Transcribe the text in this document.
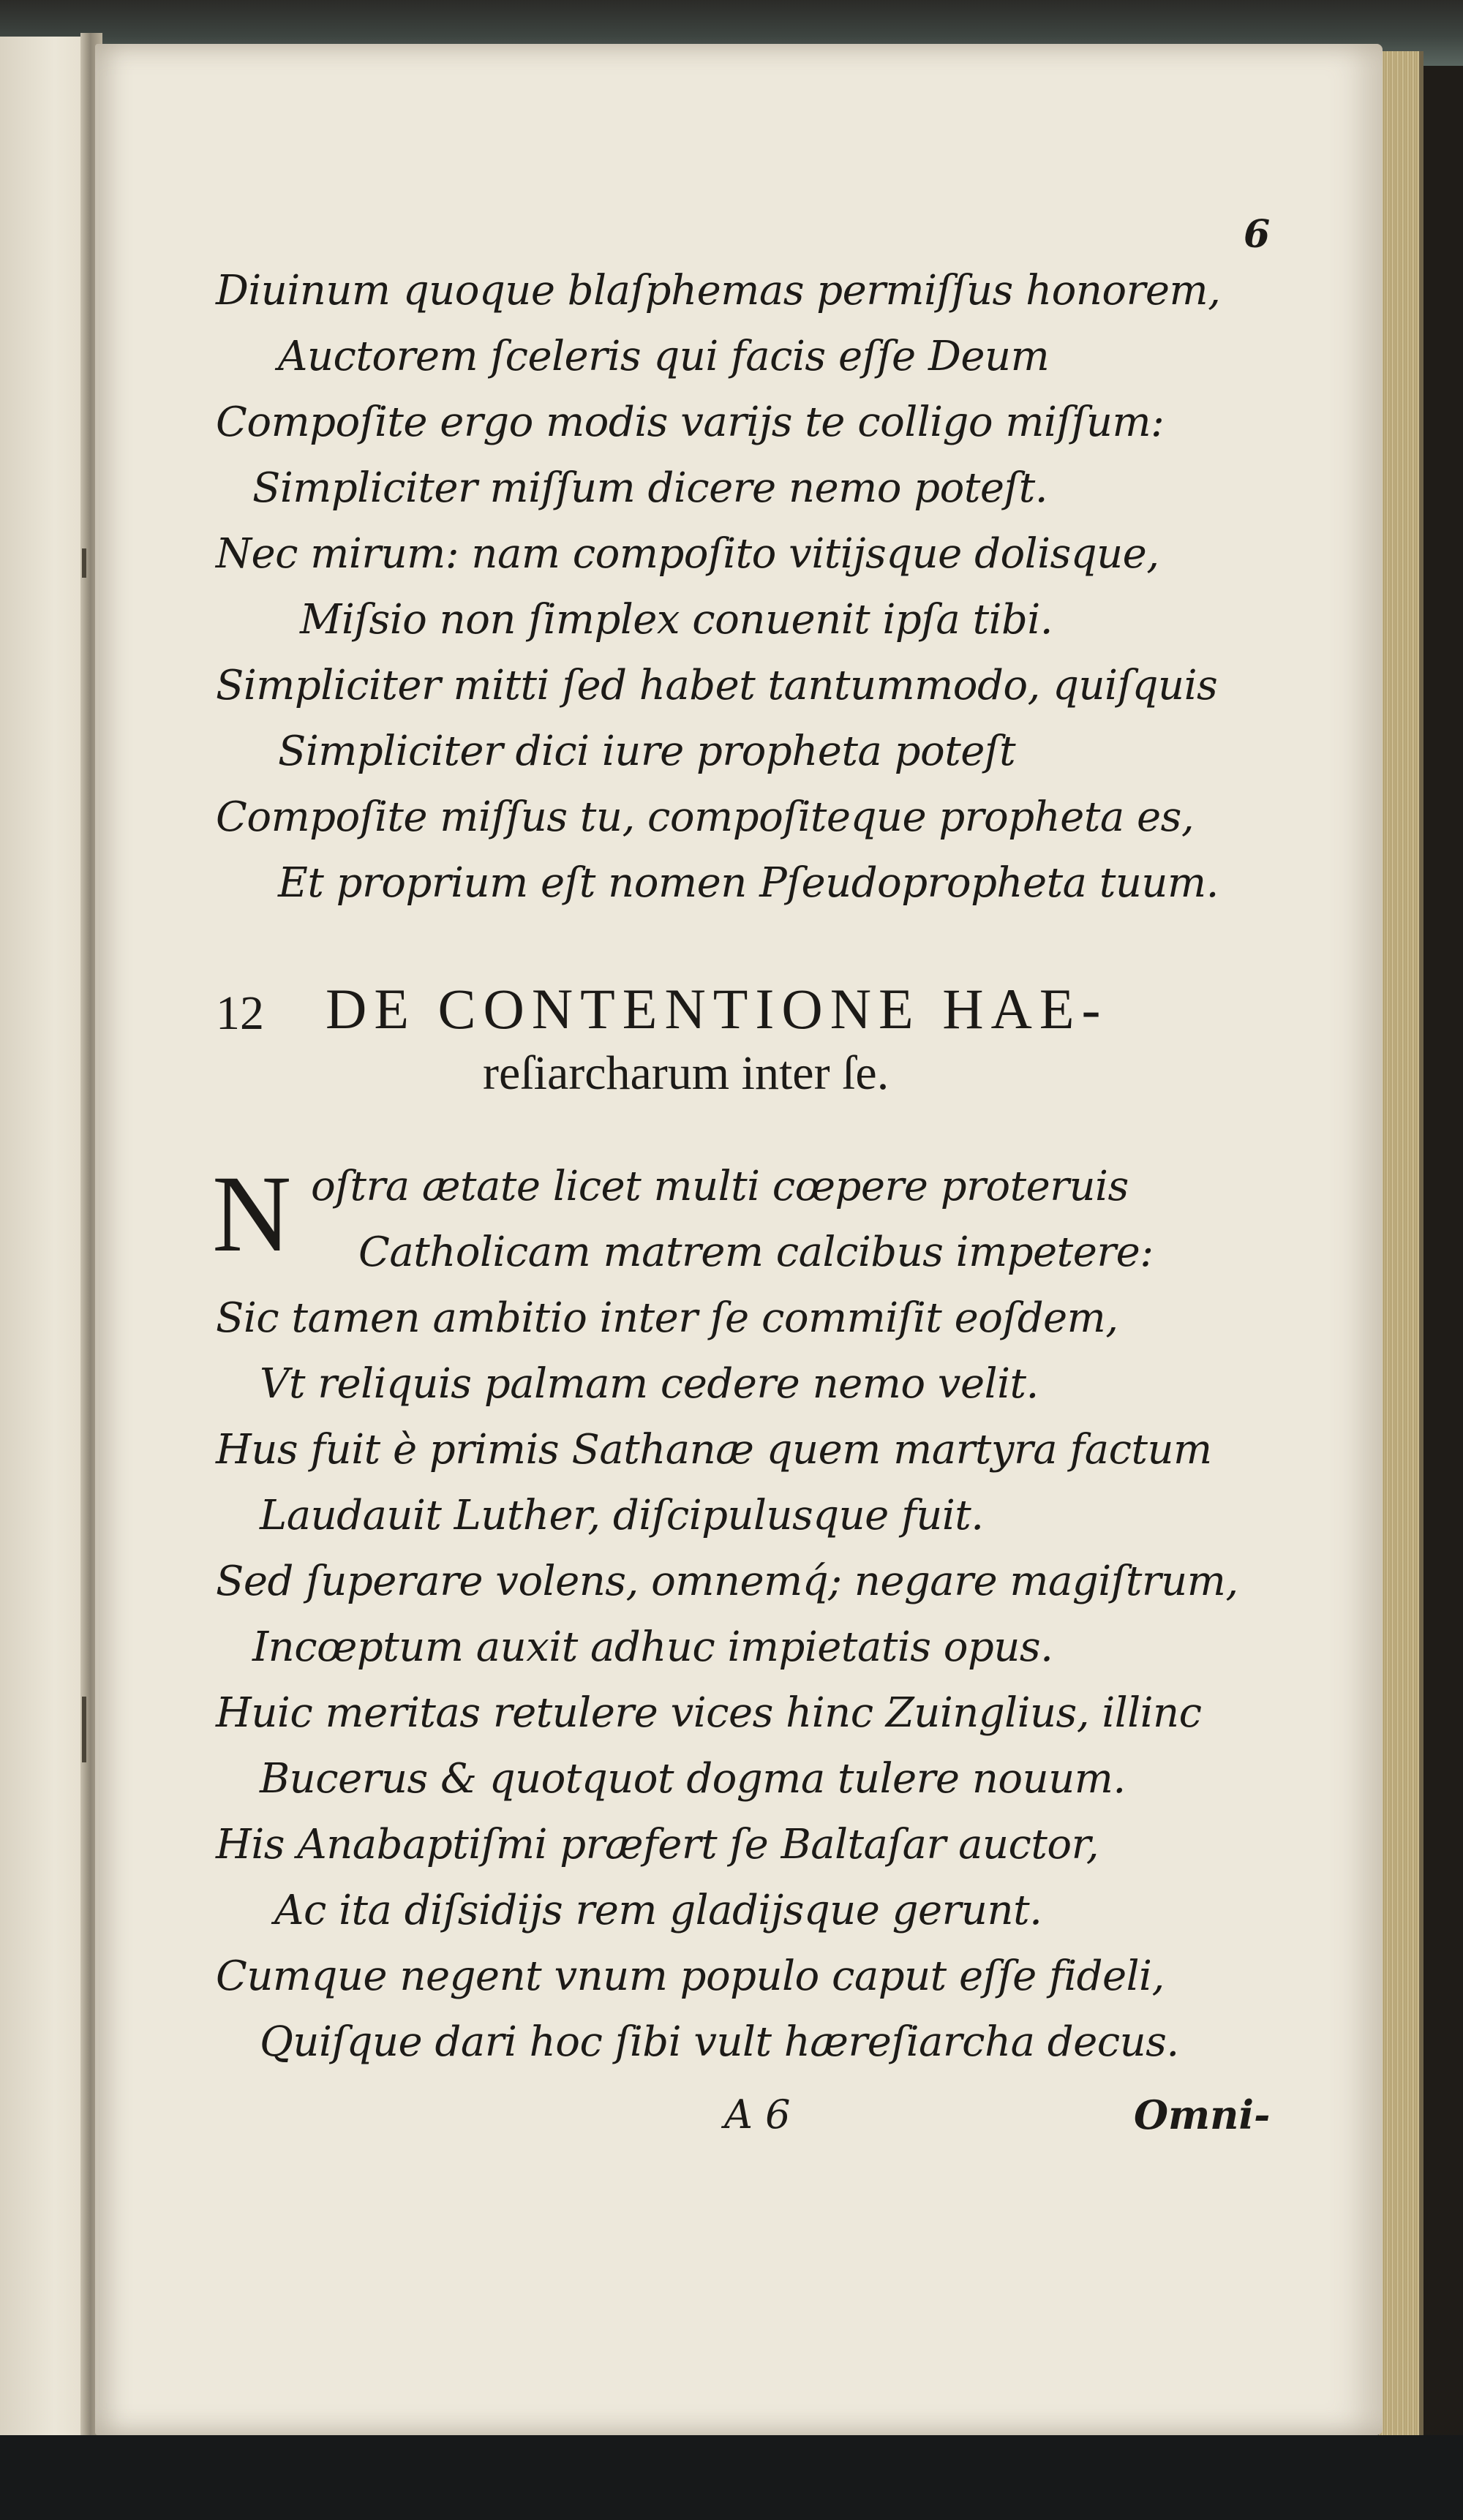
6
Diuinum quoque blaſphemas permiſſus honorem,
Auctorem ſceleris qui facis eſſe Deum
Compoſite ergo modis varijs te colligo miſſum:
Simpliciter miſſum dicere nemo poteſt.
Nec mirum: nam compoſito vitijsque dolisque,
Miſsio non ſimplex conuenit ipſa tibi.
Simpliciter mitti ſed habet tantummodo, quiſquis
Simpliciter dici iure propheta poteſt
Compoſite miſſus tu, compoſiteque propheta es,
Et proprium eſt nomen Pſeudopropheta tuum.
12 DE CONTENTIONE HAE-
reſiarcharum inter ſe.
N oſtra ætate licet multi cœpere proteruis
Catholicam matrem calcibus impetere:
Sic tamen ambitio inter ſe commiſit eoſdem,
Vt reliquis palmam cedere nemo velit.
Hus fuit è primis Sathanæ quem martyra factum
Laudauit Luther, diſcipulusque fuit.
Sed ſuperare volens, omnemq́; negare magiſtrum,
Incœptum auxit adhuc impietatis opus.
Huic meritas retulere vices hinc Zuinglius, illinc
Bucerus & quotquot dogma tulere nouum.
His Anabaptiſmi præfert ſe Baltaſar auctor,
Ac ita diſsidijs rem gladijsque gerunt.
Cumque negent vnum populo caput eſſe fideli,
Quiſque dari hoc ſibi vult hæreſiarcha decus.
A 6	Omni-
